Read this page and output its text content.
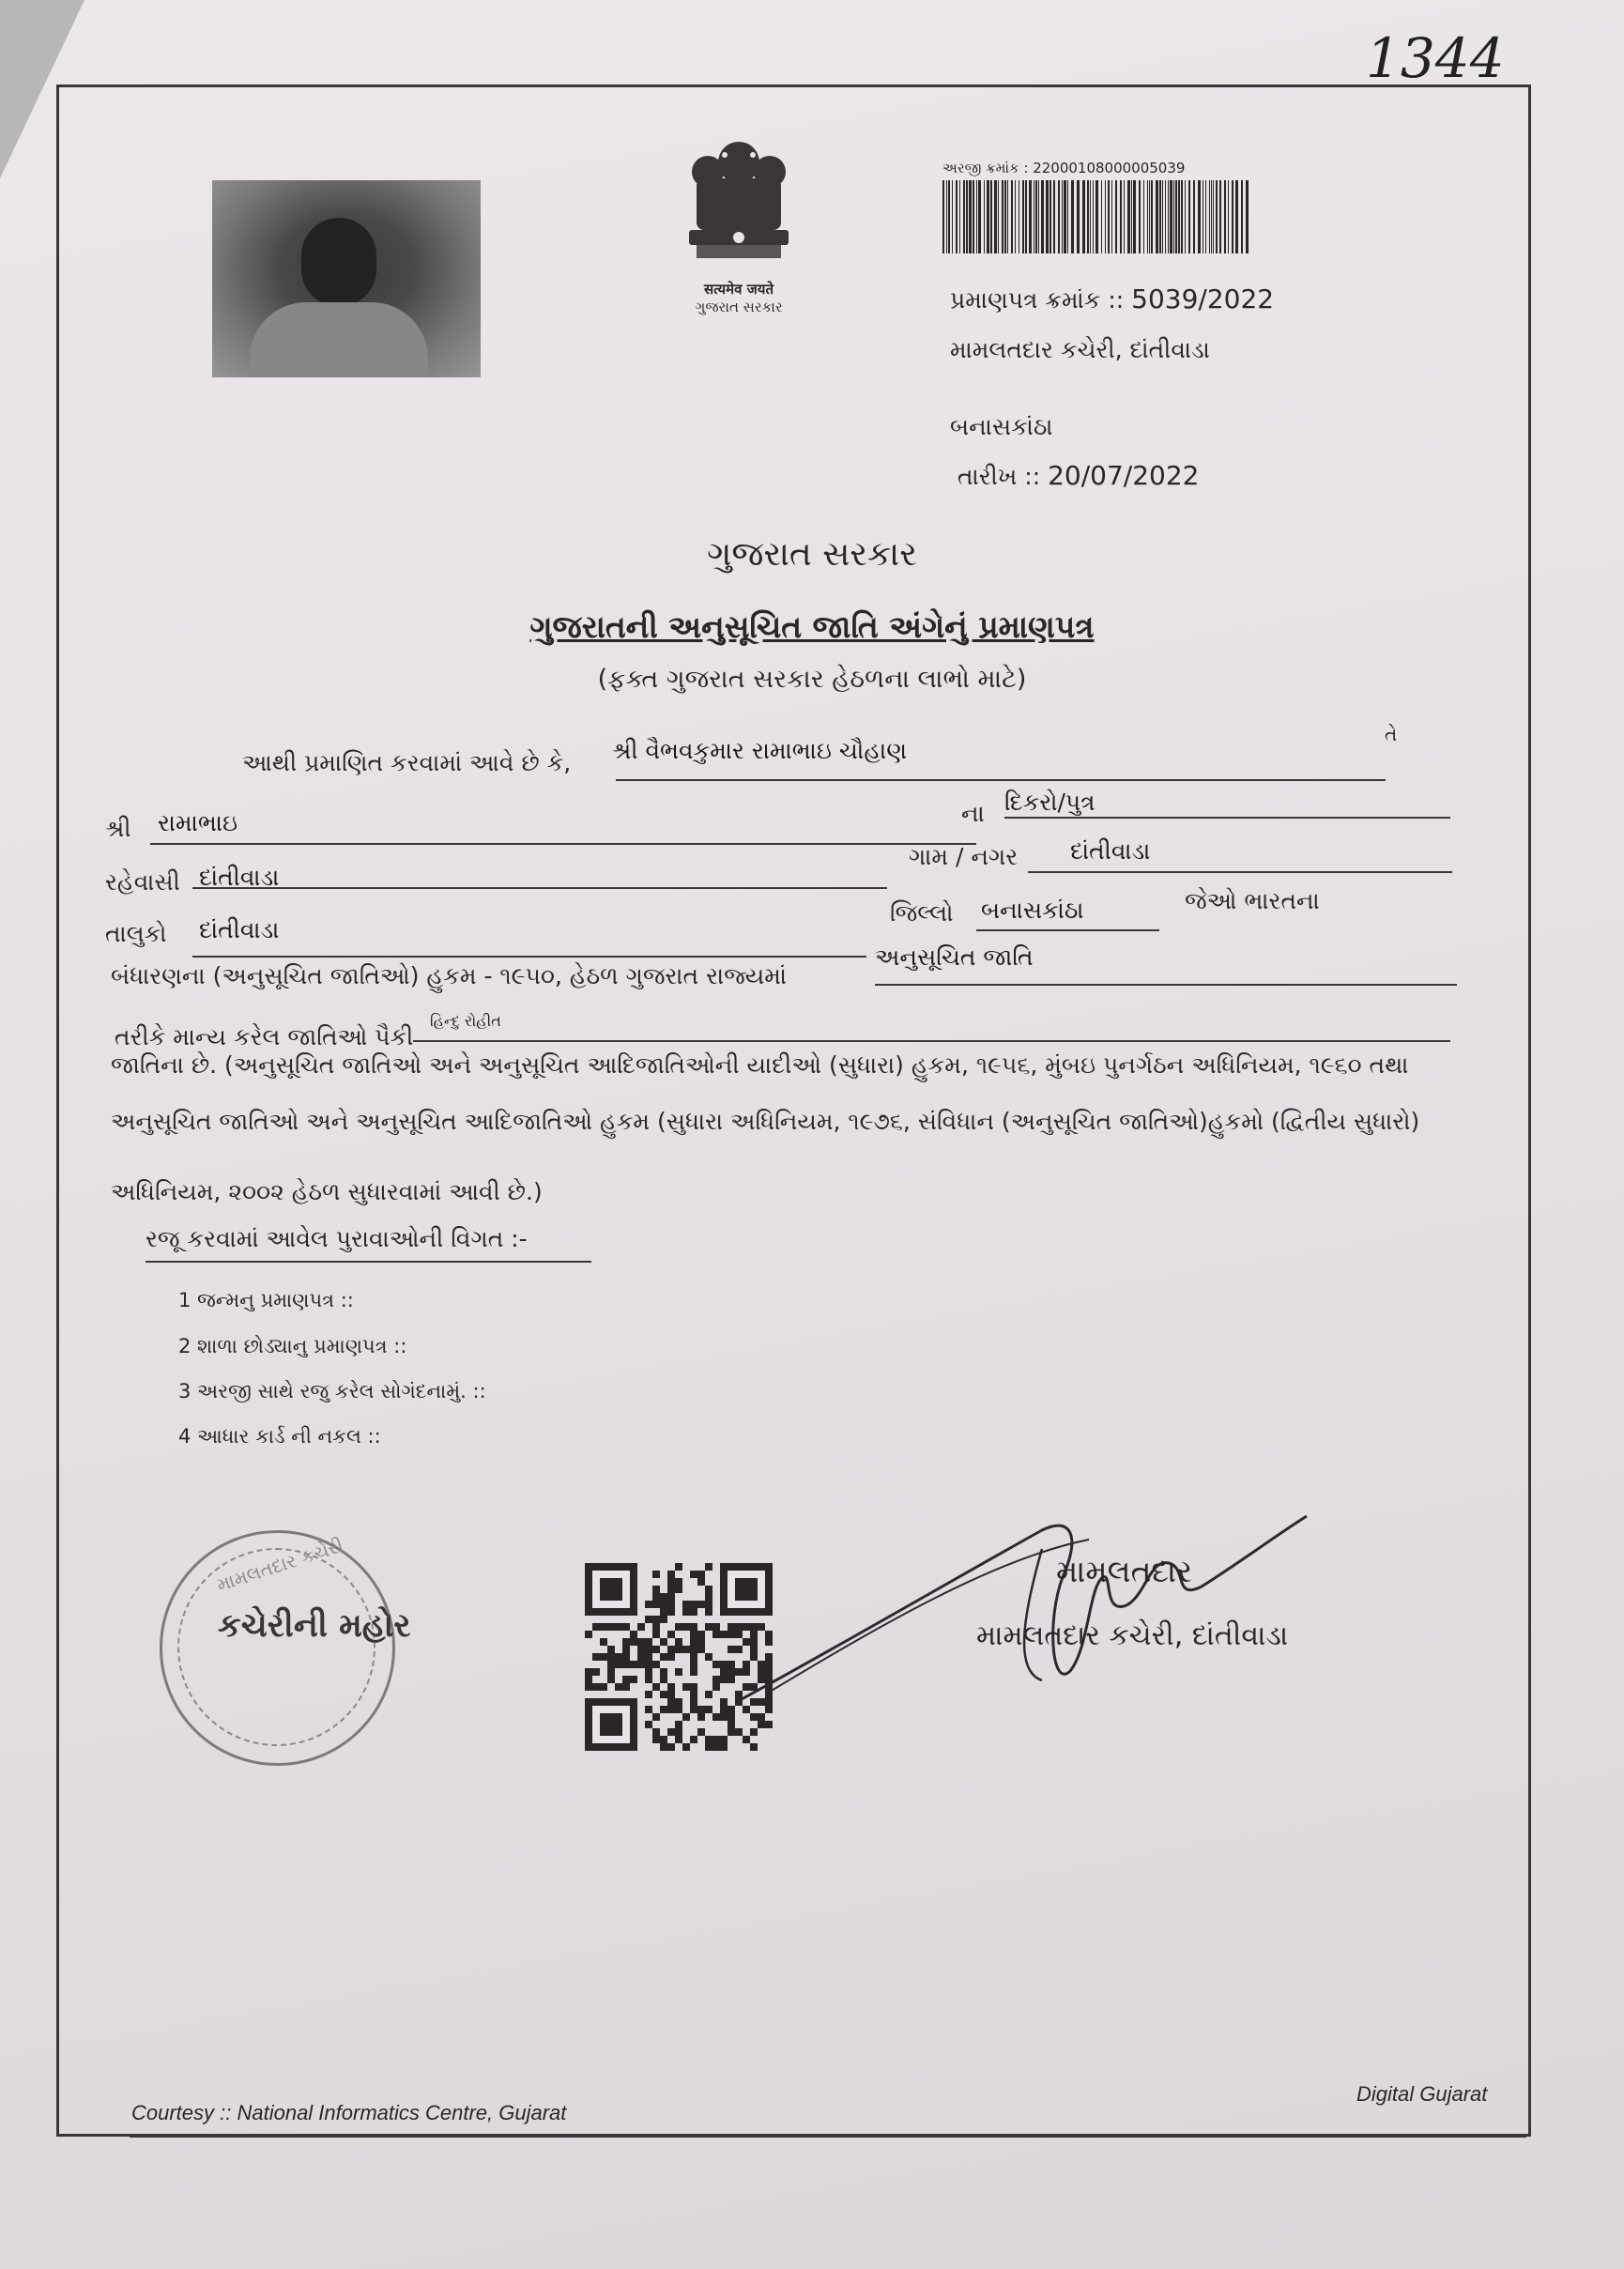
1344
सत्यमेव जयते
ગુજરાત સરકાર
અરજી ક્રમાંક : 22000108000005039
પ્રમાણપત્ર ક્રમાંક :: 5039/2022
મામલતદાર કચેરી, દાંતીવાડા
બનાસકાંઠા
તારીખ :: 20/07/2022
ગુજરાત સરકાર
ગુજરાતની અનુસૂચિત જાતિ અંગેનું પ્રમાણપત્ર
(ફક્ત ગુજરાત સરકાર હેઠળના લાભો માટે)
આથી પ્રમાણિત કરવામાં આવે છે કે, શ્રી વૈભવકુમાર રામાભાઇ ચૌહાણ
તે
શ્રી રામાભાઇ	ના દિકરો/પુત્ર
રહેવાસી દાંતીવાડા
ગામ / નગર દાંતીવાડા
તાલુકો દાંતીવાડા
જિલ્લો બનાસકાંઠા	જેઓ ભારતના
બંધારણના (અનુસૂચિત જાતિઓ) હુકમ - ૧૯૫૦, હેઠળ ગુજરાત રાજ્યમાં
અનુસૂચિત જાતિ
તરીકે માન્ય કરેલ જાતિઓ પૈકી
હિન્દુ રોહીત
જાતિના છે. (અનુસૂચિત જાતિઓ અને અનુસૂચિત આદિજાતિઓની યાદીઓ (સુધારા) હુકમ, ૧૯૫૬, મુંબઇ પુનર્ગઠન અધિનિયમ, ૧૯૬૦ તથા
અનુસૂચિત જાતિઓ અને અનુસૂચિત આદિજાતિઓ હુકમ (સુધારા અધિનિયમ, ૧૯૭૬, સંવિધાન (અનુસૂચિત જાતિઓ)હુકમો (દ્વિતીય સુધારો)
અધિનિયમ, ૨૦૦૨ હેઠળ સુધારવામાં આવી છે.)
રજૂ કરવામાં આવેલ પુરાવાઓની વિગત :-
1 જન્મનુ પ્રમાણપત્ર ::
2 શાળા છોડ્યાનુ પ્રમાણપત્ર ::
3 અરજી સાથે રજુ કરેલ સોગંદનામું. ::
4 આધાર કાર્ડ ની નકલ ::
મામલતદાર કચેરી
કચેરીની મહોર
મામલતદાર
મામલતદાર કચેરી, દાંતીવાડા
Courtesy :: National Informatics Centre, Gujarat
Digital Gujarat
